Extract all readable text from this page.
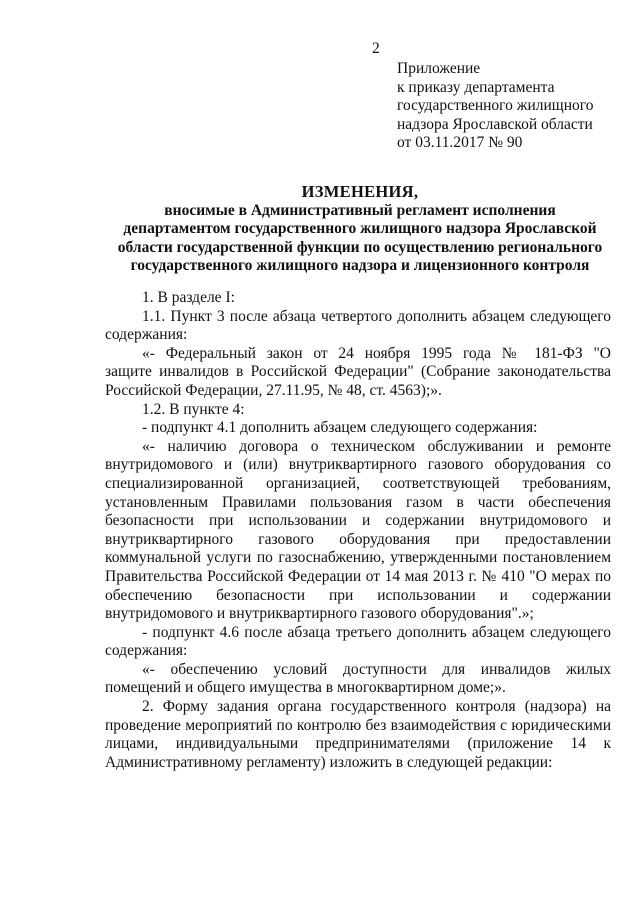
2
Приложение
к приказу департамента
государственного жилищного
надзора Ярославской области
от 03.11.2017 № 90
ИЗМЕНЕНИЯ,
вносимые в Административный регламент исполнения
департаментом государственного жилищного надзора Ярославской
области государственной функции по осуществлению регионального
государственного жилищного надзора и лицензионного контроля
1. В разделе I:
1.1. Пункт 3 после абзаца четвертого дополнить абзацем следующего
содержания:
«- Федеральный закон от 24 ноября 1995 года № 181-ФЗ "О
защите инвалидов в Российской Федерации" (Собрание законодательства
Российской Федерации, 27.11.95, № 48, ст. 4563);».
1.2. В пункте 4:
- подпункт 4.1 дополнить абзацем следующего содержания:
«- наличию договора о техническом обслуживании и ремонте
внутридомового и (или) внутриквартирного газового оборудования со
специализированной организацией, соответствующей требованиям,
установленным Правилами пользования газом в части обеспечения
безопасности при использовании и содержании внутридомового и
внутриквартирного газового оборудования при предоставлении
коммунальной услуги по газоснабжению, утвержденными постановлением
Правительства Российской Федерации от 14 мая 2013 г. № 410 "О мерах по
обеспечению безопасности при использовании и содержании
внутридомового и внутриквартирного газового оборудования".»;
- подпункт 4.6 после абзаца третьего дополнить абзацем следующего
содержания:
«- обеспечению условий доступности для инвалидов жилых
помещений и общего имущества в многоквартирном доме;».
2. Форму задания органа государственного контроля (надзора) на
проведение мероприятий по контролю без взаимодействия с юридическими
лицами, индивидуальными предпринимателями (приложение 14 к
Административному регламенту) изложить в следующей редакции:
